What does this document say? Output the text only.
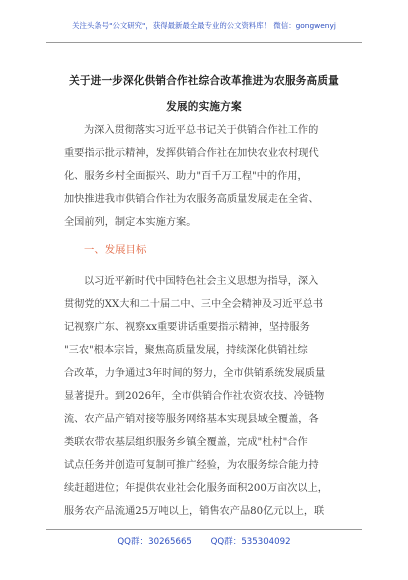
关注头条号"公文研究"，获得最新最全最专业的公文资料库！ 微信：gongwenyj
关于进一步深化供销合作社综合改革推进为农服务高质量
发展的实施方案
为深入贯彻落实习近平总书记关于供销合作社工作的
重要指示批示精神，发挥供销合作社在加快农业农村现代
化、服务乡村全面振兴、助力"百千万工程"中的作用，
加快推进我市供销合作社为农服务高质量发展走在全省、
全国前列，制定本实施方案。
一、发展目标
以习近平新时代中国特色社会主义思想为指导，深入
贯彻党的XX大和二十届二中、三中全会精神及习近平总书
记视察广东、视察xx重要讲话重要指示精神，坚持服务
"三农"根本宗旨，聚焦高质量发展，持续深化供销社综
合改革，力争通过3年时间的努力，全市供销系统发展质量
显著提升。到2026年，全市供销合作社农资农技、冷链物
流、农产品产销对接等服务网络基本实现县域全覆盖，各
类联农带农基层组织服务乡镇全覆盖，完成"杜村"合作
试点任务并创造可复制可推广经验，为农服务综合能力持
续赶超进位；年提供农业社会化服务面积200万亩次以上，
服务农产品流通25万吨以上，销售农产品80亿元以上，联
QQ群：30265665 QQ群：535304092
